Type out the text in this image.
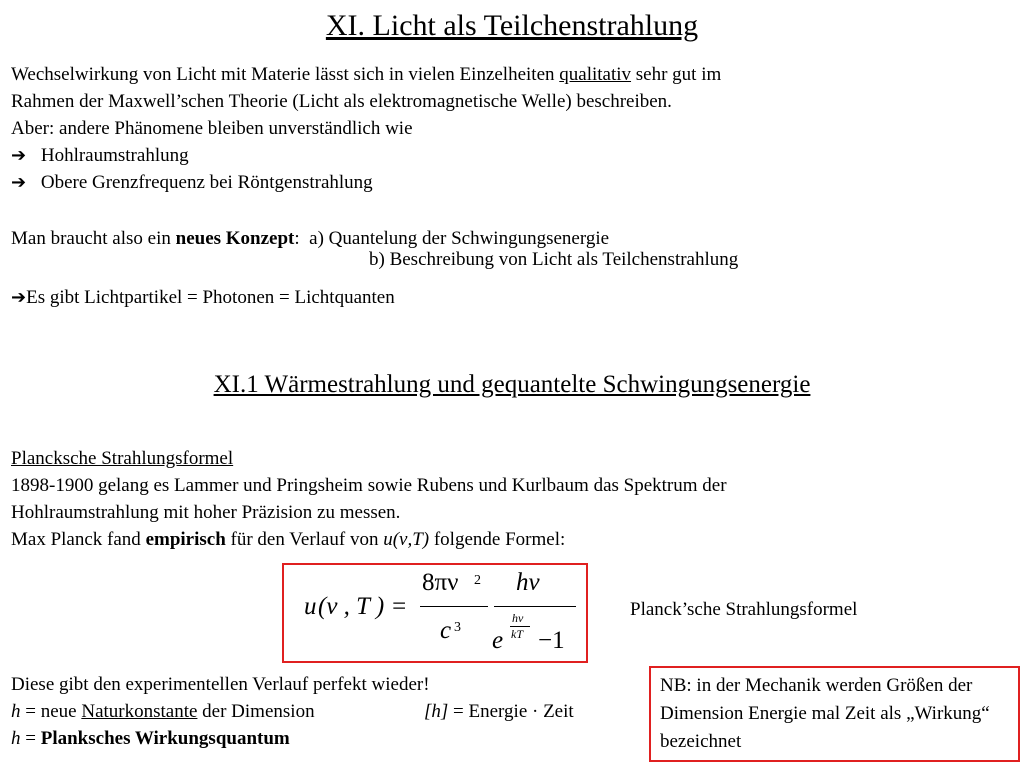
XI. Licht als Teilchenstrahlung
Wechselwirkung von Licht mit Materie lässt sich in vielen Einzelheiten qualitativ sehr gut im
Rahmen der Maxwell’schen Theorie (Licht als elektromagnetische Welle) beschreiben.
Aber: andere Phänomene bleiben unverständlich wie
➔ Hohlraumstrahlung
➔ Obere Grenzfrequenz bei Röntgenstrahlung
Man braucht also ein neues Konzept:  a) Quantelung der Schwingungsenergie
b) Beschreibung von Licht als Teilchenstrahlung
➔Es gibt Lichtpartikel = Photonen = Lichtquanten
XI.1 Wärmestrahlung und gequantelte Schwingungsenergie
Plancksche Strahlungsformel
1898-1900 gelang es Lammer und Pringsheim sowie Rubens und Kurlbaum das Spektrum der
Hohlraumstrahlung mit hoher Präzision zu messen.
Max Planck fand empirisch für den Verlauf von u(ν,T) folgende Formel:
u (ν , T ) =
8πν 2
c 3
hν
e
hν
kT −1
Planck’sche Strahlungsformel
Diese gibt den experimentellen Verlauf perfekt wieder!
h = neue Naturkonstante der Dimension	[h] = Energie · Zeit
h = Planksches Wirkungsquantum
NB: in der Mechanik werden Größen der Dimension Energie mal Zeit als „Wirkung“ bezeichnet
